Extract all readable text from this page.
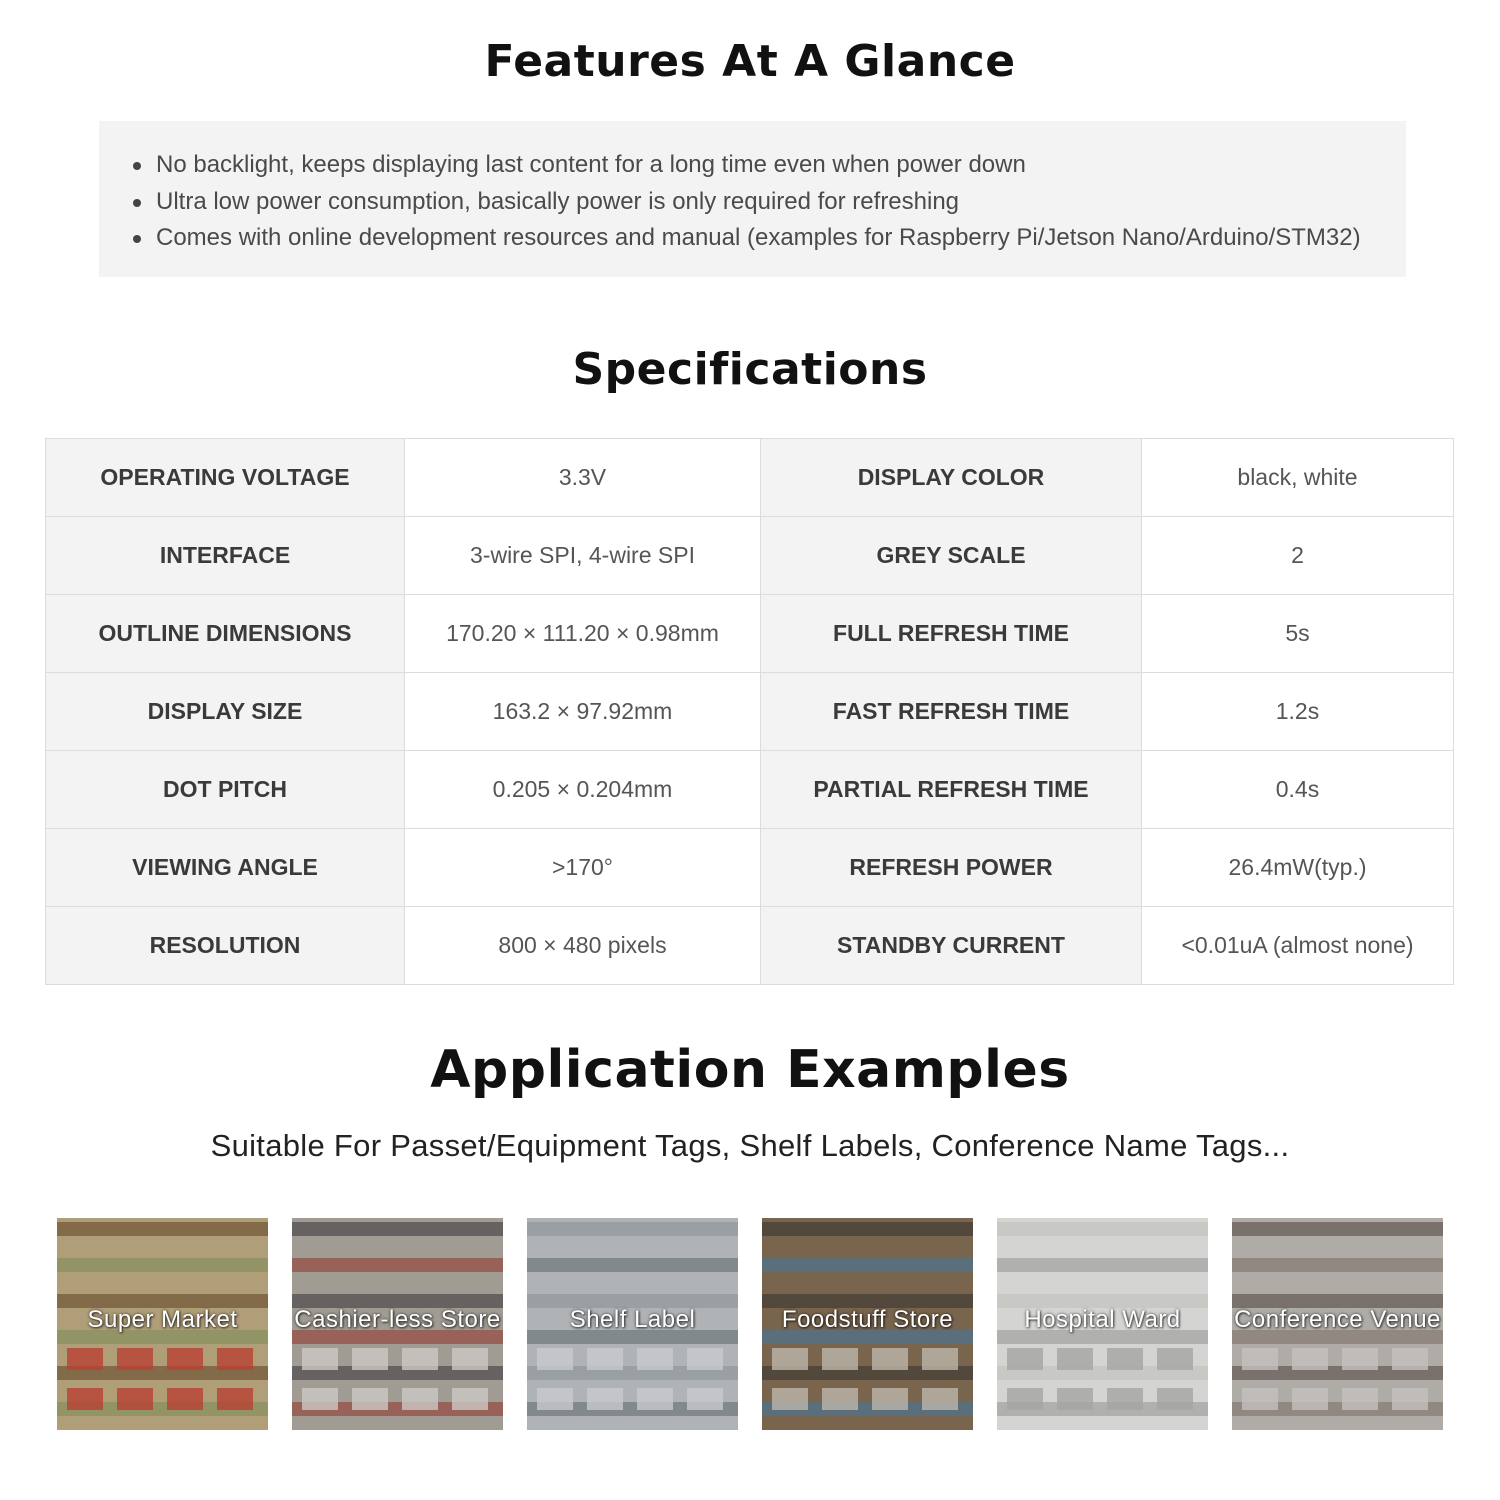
Features At A Glance
No backlight, keeps displaying last content for a long time even when power down
Ultra low power consumption, basically power is only required for refreshing
Comes with online development resources and manual (examples for Raspberry Pi/Jetson Nano/Arduino/STM32)
Specifications
OPERATING VOLTAGE	3.3V	DISPLAY COLOR	black, white
INTERFACE	3-wire SPI, 4-wire SPI	GREY SCALE	2
OUTLINE DIMENSIONS	170.20 × 111.20 × 0.98mm	FULL REFRESH TIME	5s
DISPLAY SIZE	163.2 × 97.92mm	FAST REFRESH TIME	1.2s
DOT PITCH	0.205 × 0.204mm	PARTIAL REFRESH TIME	0.4s
VIEWING ANGLE	>170°	REFRESH POWER	26.4mW(typ.)
RESOLUTION	800 × 480 pixels	STANDBY CURRENT	<0.01uA (almost none)
Application Examples
Suitable For Passet/Equipment Tags, Shelf Labels, Conference Name Tags...
Super Market	Cashier-less Store	Shelf Label	Foodstuff Store	Hospital Ward	Conference Venue
